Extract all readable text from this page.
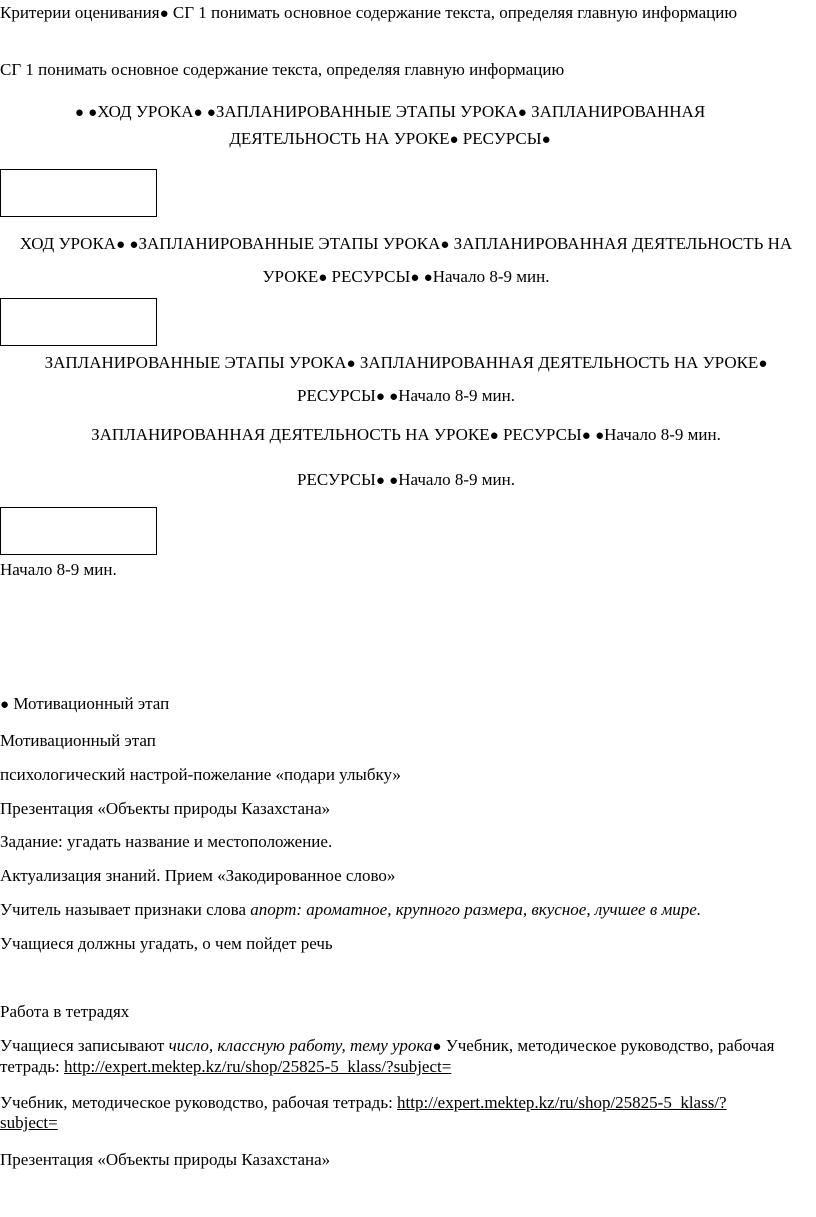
Критерии оценивания● СГ 1 понимать основное содержание текста, определяя главную информацию

СГ 1 понимать основное содержание текста, определяя главную информацию

● ●ХОД УРОКА● ●ЗАПЛАНИРОВАННЫЕ ЭТАПЫ УРОКА● ЗАПЛАНИРОВАННАЯ ДЕЯТЕЛЬНОСТЬ НА УРОКЕ● РЕСУРСЫ●

ХОД УРОКА● ●ЗАПЛАНИРОВАННЫЕ ЭТАПЫ УРОКА● ЗАПЛАНИРОВАННАЯ ДЕЯТЕЛЬНОСТЬ НА УРОКЕ● РЕСУРСЫ● ●Начало 8-9 мин.

ЗАПЛАНИРОВАННЫЕ ЭТАПЫ УРОКА● ЗАПЛАНИРОВАННАЯ ДЕЯТЕЛЬНОСТЬ НА УРОКЕ● РЕСУРСЫ● ●Начало 8-9 мин.

ЗАПЛАНИРОВАННАЯ ДЕЯТЕЛЬНОСТЬ НА УРОКЕ● РЕСУРСЫ● ●Начало 8-9 мин.

РЕСУРСЫ● ●Начало 8-9 мин.

Начало 8-9 мин.

● Мотивационный этап

Мотивационный этап

психологический настрой-пожелание «подари улыбку»

Презентация «Объекты природы Казахстана»

Задание: угадать название и местоположение.

Актуализация знаний. Прием «Закодированное слово»

Учитель называет признаки слова апорт: ароматное, крупного размера, вкусное, лучшее в мире.

Учащиеся должны угадать, о чем пойдет речь

Работа в тетрадях

Учащиеся записывают число, классную работу, тему урока● Учебник, методическое руководство, рабочая тетрадь: http://expert.mektep.kz/ru/shop/25825-5_klass/?subject=

Учебник, методическое руководство, рабочая тетрадь: http://expert.mektep.kz/ru/shop/25825-5_klass/?subject=

Презентация «Объекты природы Казахстана»
